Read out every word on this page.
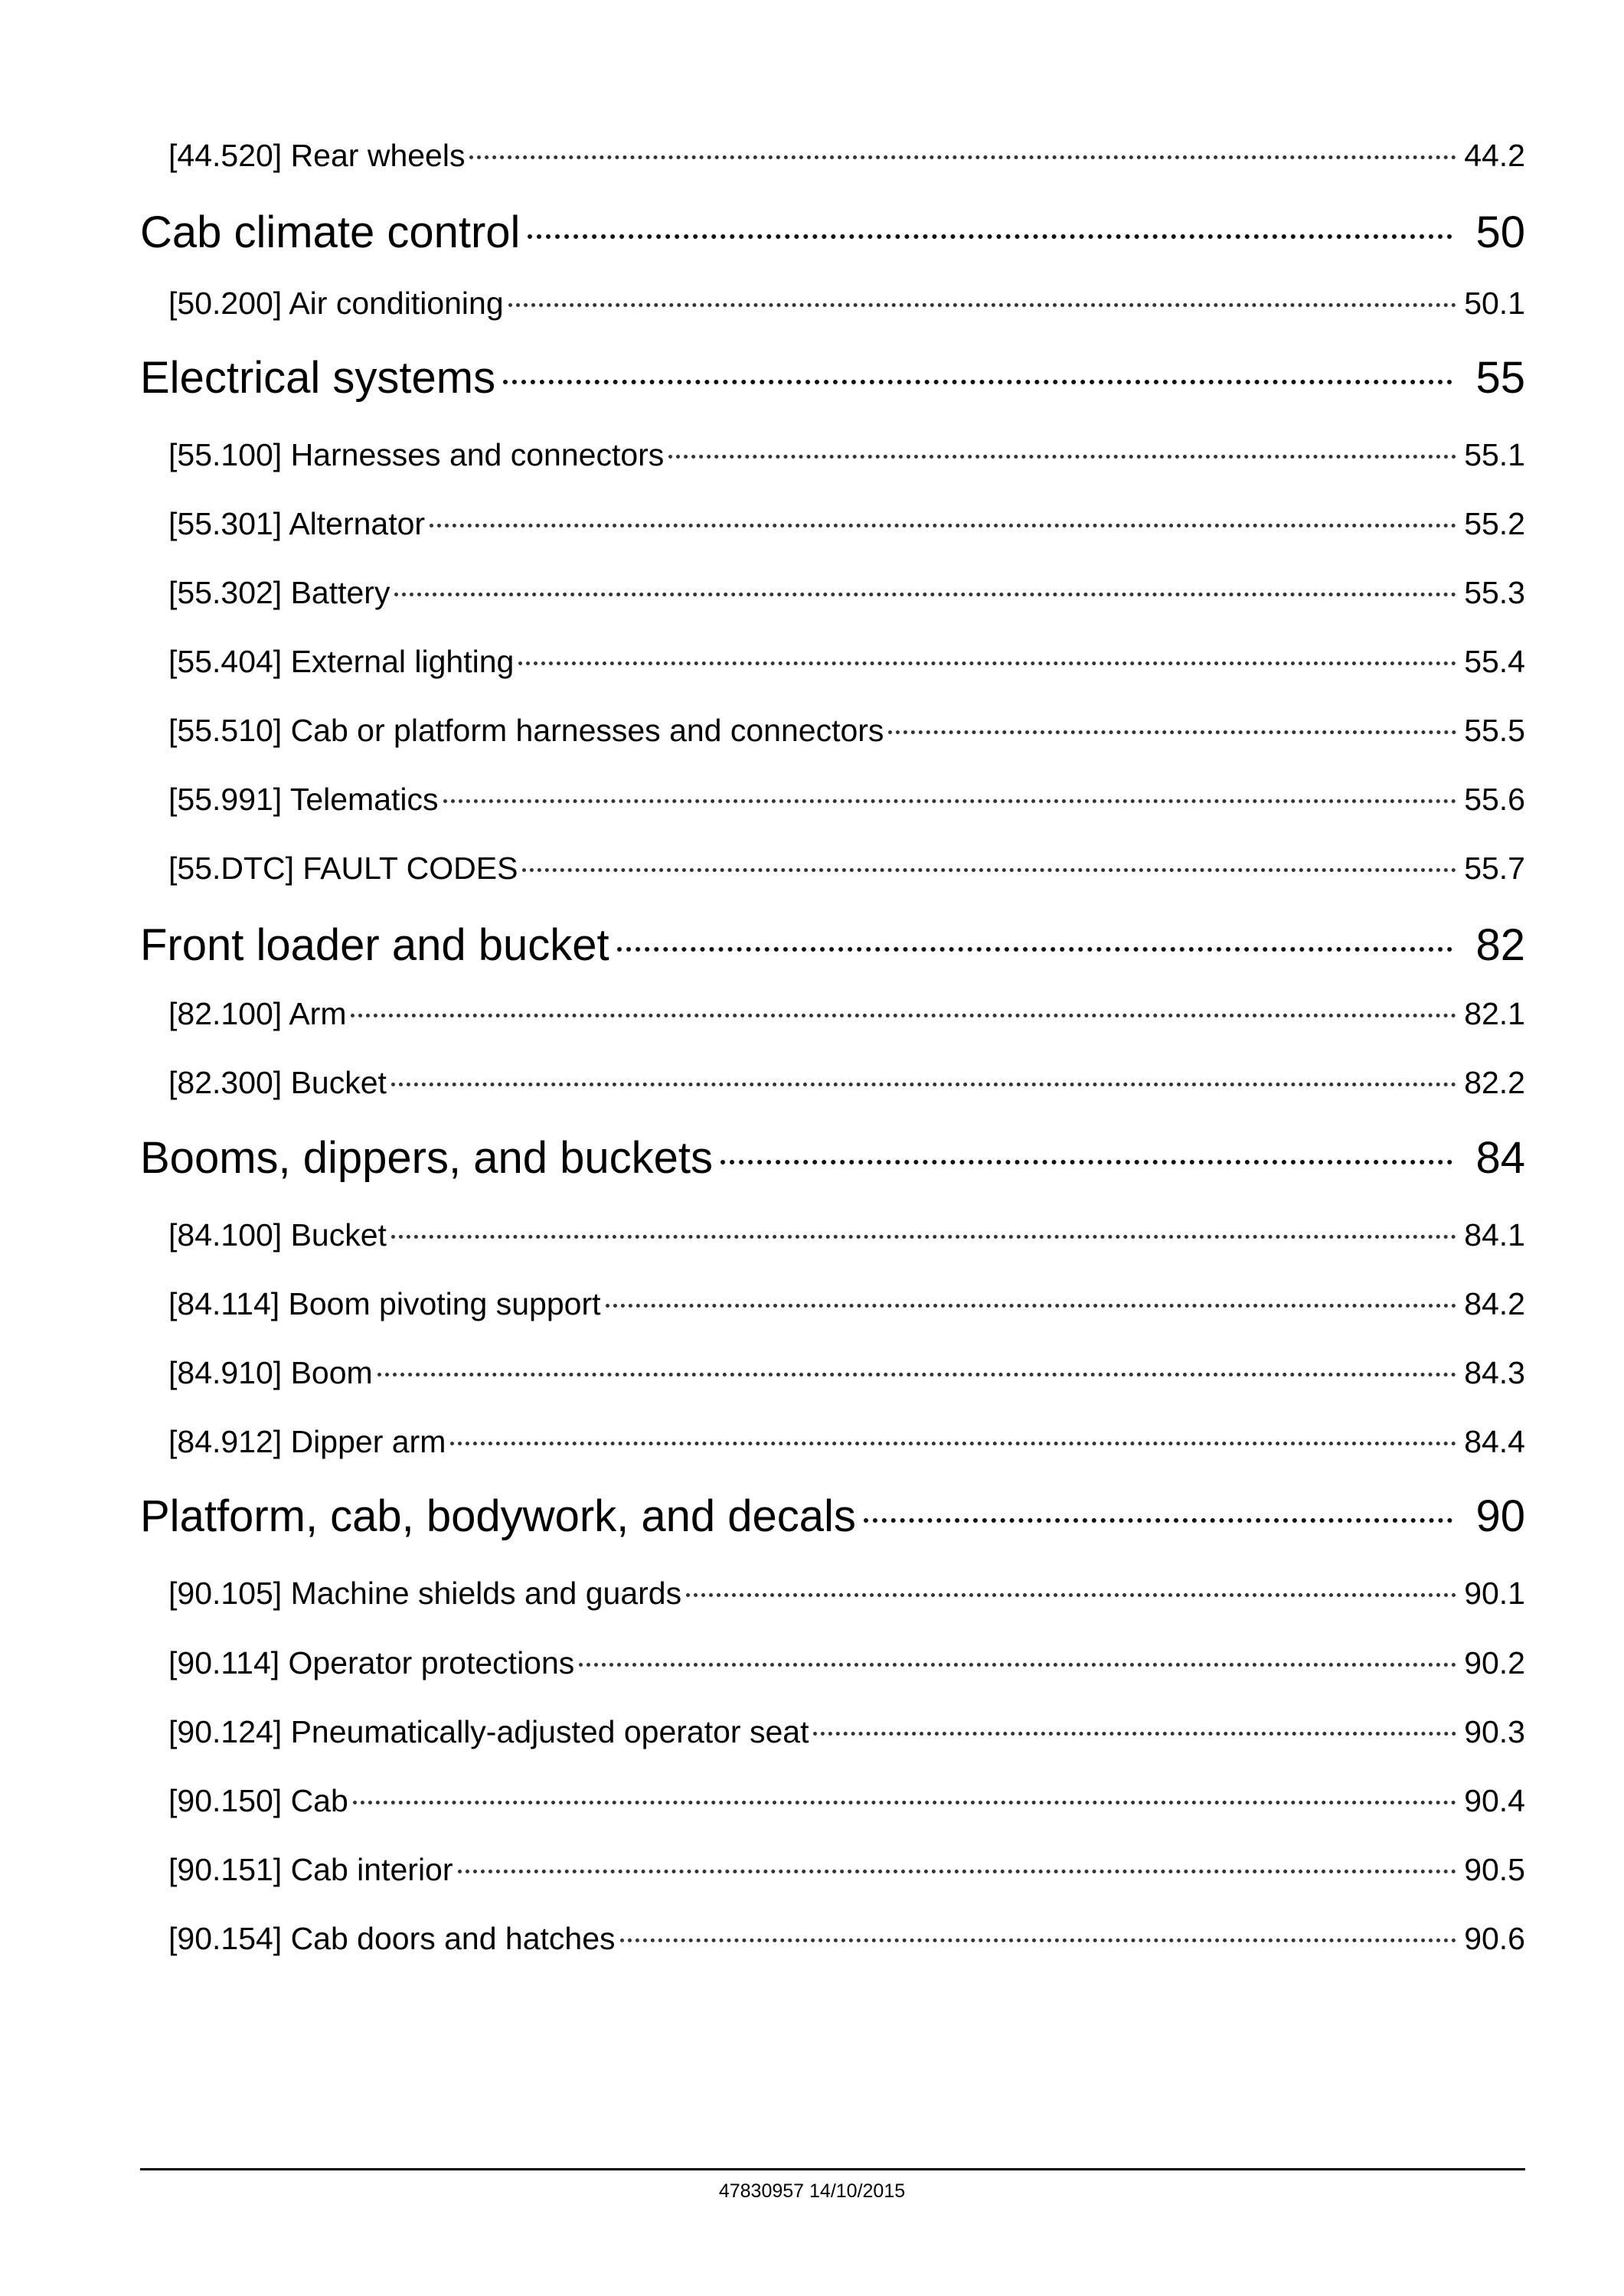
[44.520] Rear wheels	44.2
Cab climate control	50
[50.200] Air conditioning	50.1
Electrical systems	55
[55.100] Harnesses and connectors	55.1
[55.301] Alternator	55.2
[55.302] Battery	55.3
[55.404] External lighting	55.4
[55.510] Cab or platform harnesses and connectors	55.5
[55.991] Telematics	55.6
[55.DTC] FAULT CODES	55.7
Front loader and bucket	82
[82.100] Arm	82.1
[82.300] Bucket	82.2
Booms, dippers, and buckets	84
[84.100] Bucket	84.1
[84.114] Boom pivoting support	84.2
[84.910] Boom	84.3
[84.912] Dipper arm	84.4
Platform, cab, bodywork, and decals	90
[90.105] Machine shields and guards	90.1
[90.114] Operator protections	90.2
[90.124] Pneumatically-adjusted operator seat	90.3
[90.150] Cab	90.4
[90.151] Cab interior	90.5
[90.154] Cab doors and hatches	90.6
47830957 14/10/2015
